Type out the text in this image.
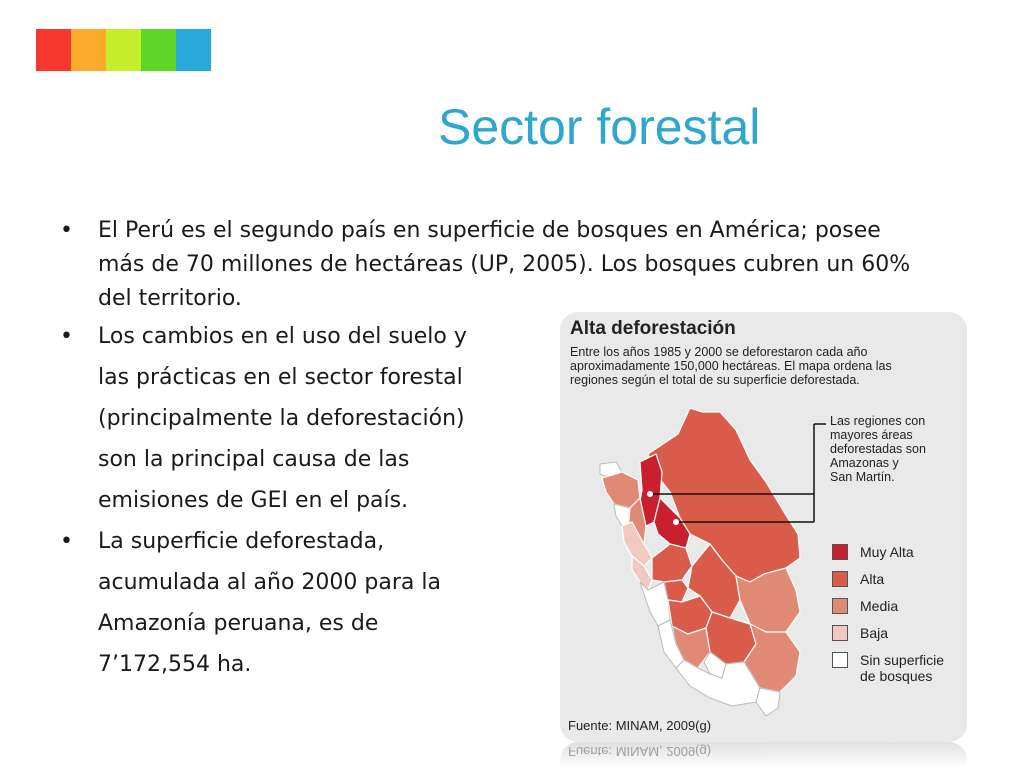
Sector forestal
• El Perú es el segundo país en superficie de bosques en América; posee
más de 70 millones de hectáreas (UP, 2005). Los bosques cubren un 60%
del territorio.
• Los cambios en el uso del suelo y
las prácticas en el sector forestal
(principalmente la deforestación)
son la principal causa de las
emisiones de GEI en el país.
• La superficie deforestada,
acumulada al año 2000 para la
Amazonía peruana, es de
7’172,554 ha.
Alta deforestación
Entre los años 1985 y 2000 se deforestaron cada año
aproximadamente 150,000 hectáreas. El mapa ordena las
regiones según el total de su superficie deforestada.
Las regiones con
mayores áreas
deforestadas son
Amazonas y
San Martín.
Muy Alta
Alta
Media
Baja
Sin superficie
de bosques
Fuente: MINAM, 2009(g)
Fuente: MINAM, 2009(g)
